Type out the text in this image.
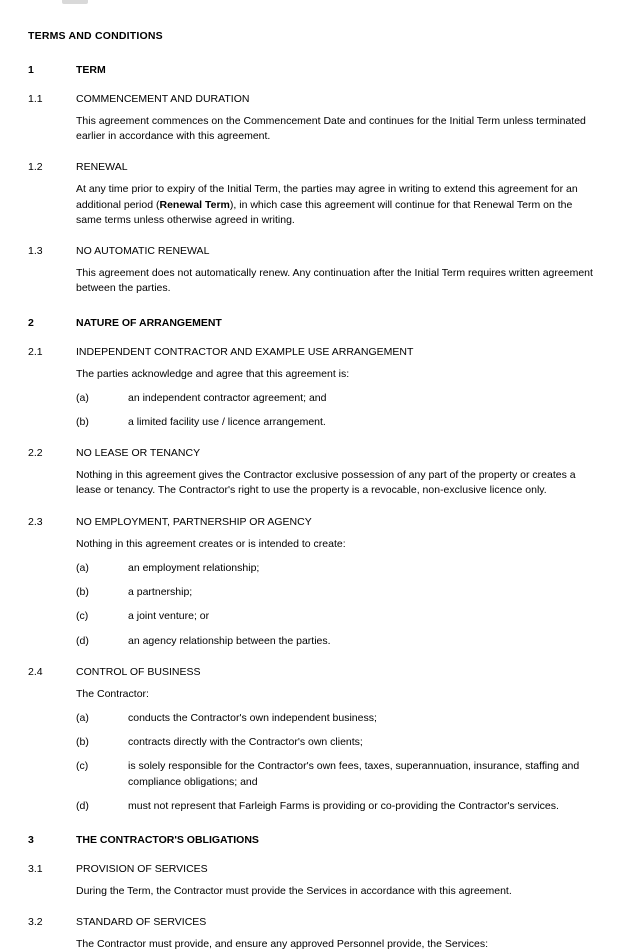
TERMS AND CONDITIONS
1	TERM
1.1	COMMENCEMENT AND DURATION
This agreement commences on the Commencement Date and continues for the Initial Term unless terminated earlier in accordance with this agreement.
1.2	RENEWAL
At any time prior to expiry of the Initial Term, the parties may agree in writing to extend this agreement for an additional period (Renewal Term), in which case this agreement will continue for that Renewal Term on the same terms unless otherwise agreed in writing.
1.3	NO AUTOMATIC RENEWAL
This agreement does not automatically renew. Any continuation after the Initial Term requires written agreement between the parties.
2	NATURE OF ARRANGEMENT
2.1	INDEPENDENT CONTRACTOR AND EXAMPLE USE ARRANGEMENT
The parties acknowledge and agree that this agreement is:
(a)	an independent contractor agreement; and
(b)	a limited facility use / licence arrangement.
2.2	NO LEASE OR TENANCY
Nothing in this agreement gives the Contractor exclusive possession of any part of the property or creates a lease or tenancy. The Contractor's right to use the property is a revocable, non-exclusive licence only.
2.3	NO EMPLOYMENT, PARTNERSHIP OR AGENCY
Nothing in this agreement creates or is intended to create:
(a)	an employment relationship;
(b)	a partnership;
(c)	a joint venture; or
(d)	an agency relationship between the parties.
2.4	CONTROL OF BUSINESS
The Contractor:
(a)	conducts the Contractor's own independent business;
(b)	contracts directly with the Contractor's own clients;
(c)	is solely responsible for the Contractor's own fees, taxes, superannuation, insurance, staffing and compliance obligations; and
(d)	must not represent that Farleigh Farms is providing or co-providing the Contractor's services.
3	THE CONTRACTOR'S OBLIGATIONS
3.1	PROVISION OF SERVICES
During the Term, the Contractor must provide the Services in accordance with this agreement.
3.2	STANDARD OF SERVICES
The Contractor must provide, and ensure any approved Personnel provide, the Services:
